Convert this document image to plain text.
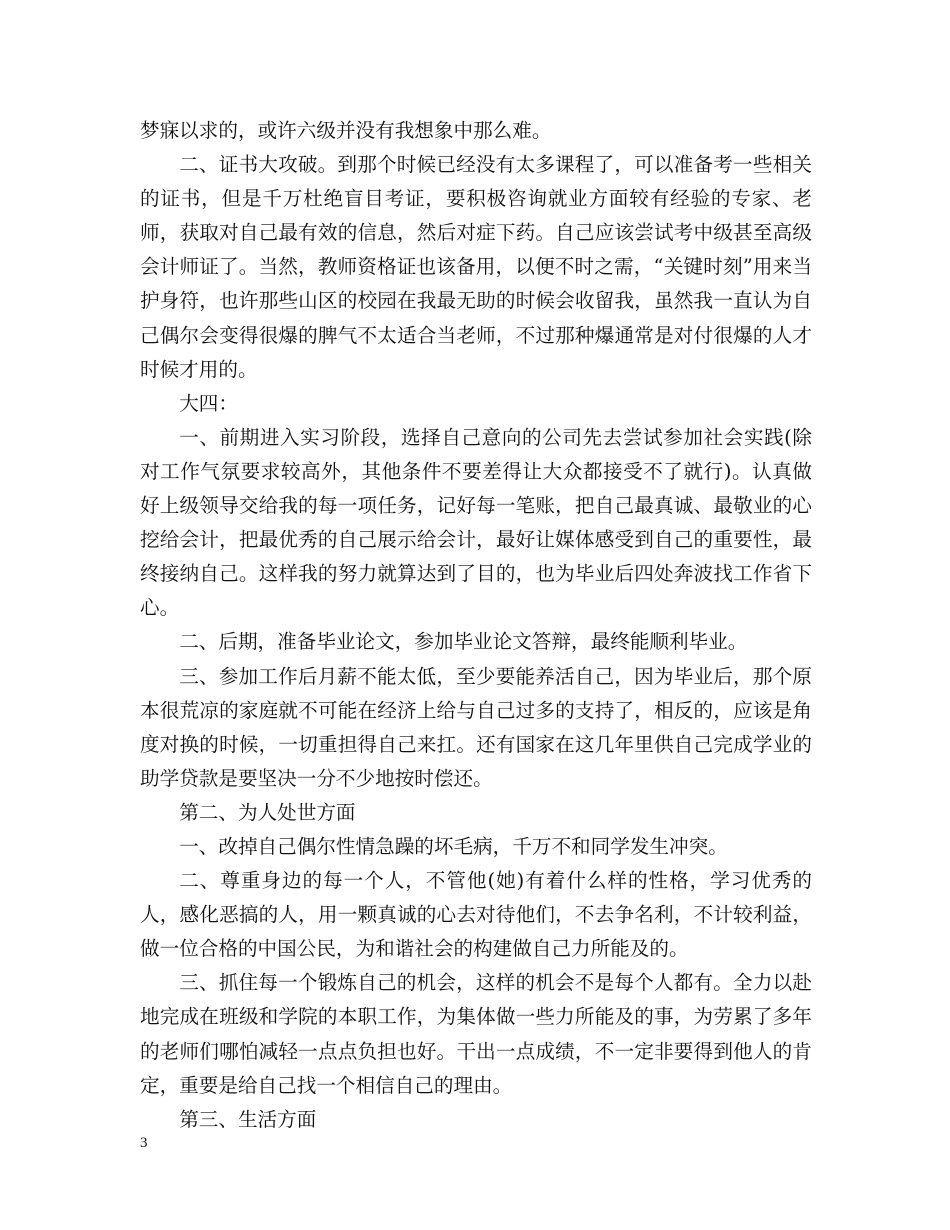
梦寐以求的，或许六级并没有我想象中那么难。

二、证书大攻破。到那个时候已经没有太多课程了，可以准备考一些相关的证书，但是千万杜绝盲目考证，要积极咨询就业方面较有经验的专家、老师，获取对自己最有效的信息，然后对症下药。自己应该尝试考中级甚至高级会计师证了。当然，教师资格证也该备用，以便不时之需，“关键时刻”用来当护身符，也许那些山区的校园在我最无助的时候会收留我，虽然我一直认为自己偶尔会变得很爆的脾气不太适合当老师，不过那种爆通常是对付很爆的人才时候才用的。

大四：

一、前期进入实习阶段，选择自己意向的公司先去尝试参加社会实践(除对工作气氛要求较高外，其他条件不要差得让大众都接受不了就行)。认真做好上级领导交给我的每一项任务，记好每一笔账，把自己最真诚、最敬业的心挖给会计，把最优秀的自己展示给会计，最好让媒体感受到自己的重要性，最终接纳自己。这样我的努力就算达到了目的，也为毕业后四处奔波找工作省下心。

二、后期，准备毕业论文，参加毕业论文答辩，最终能顺利毕业。

三、参加工作后月薪不能太低，至少要能养活自己，因为毕业后，那个原本很荒凉的家庭就不可能在经济上给与自己过多的支持了，相反的，应该是角度对换的时候，一切重担得自己来扛。还有国家在这几年里供自己完成学业的助学贷款是要坚决一分不少地按时偿还。

第二、为人处世方面

一、改掉自己偶尔性情急躁的坏毛病，千万不和同学发生冲突。

二、尊重身边的每一个人，不管他(她)有着什么样的性格，学习优秀的人，感化恶搞的人，用一颗真诚的心去对待他们，不去争名利，不计较利益，做一位合格的中国公民，为和谐社会的构建做自己力所能及的。

三、抓住每一个锻炼自己的机会，这样的机会不是每个人都有。全力以赴地完成在班级和学院的本职工作，为集体做一些力所能及的事，为劳累了多年的老师们哪怕减轻一点点负担也好。干出一点成绩，不一定非要得到他人的肯定，重要是给自己找一个相信自己的理由。

第三、生活方面

3
